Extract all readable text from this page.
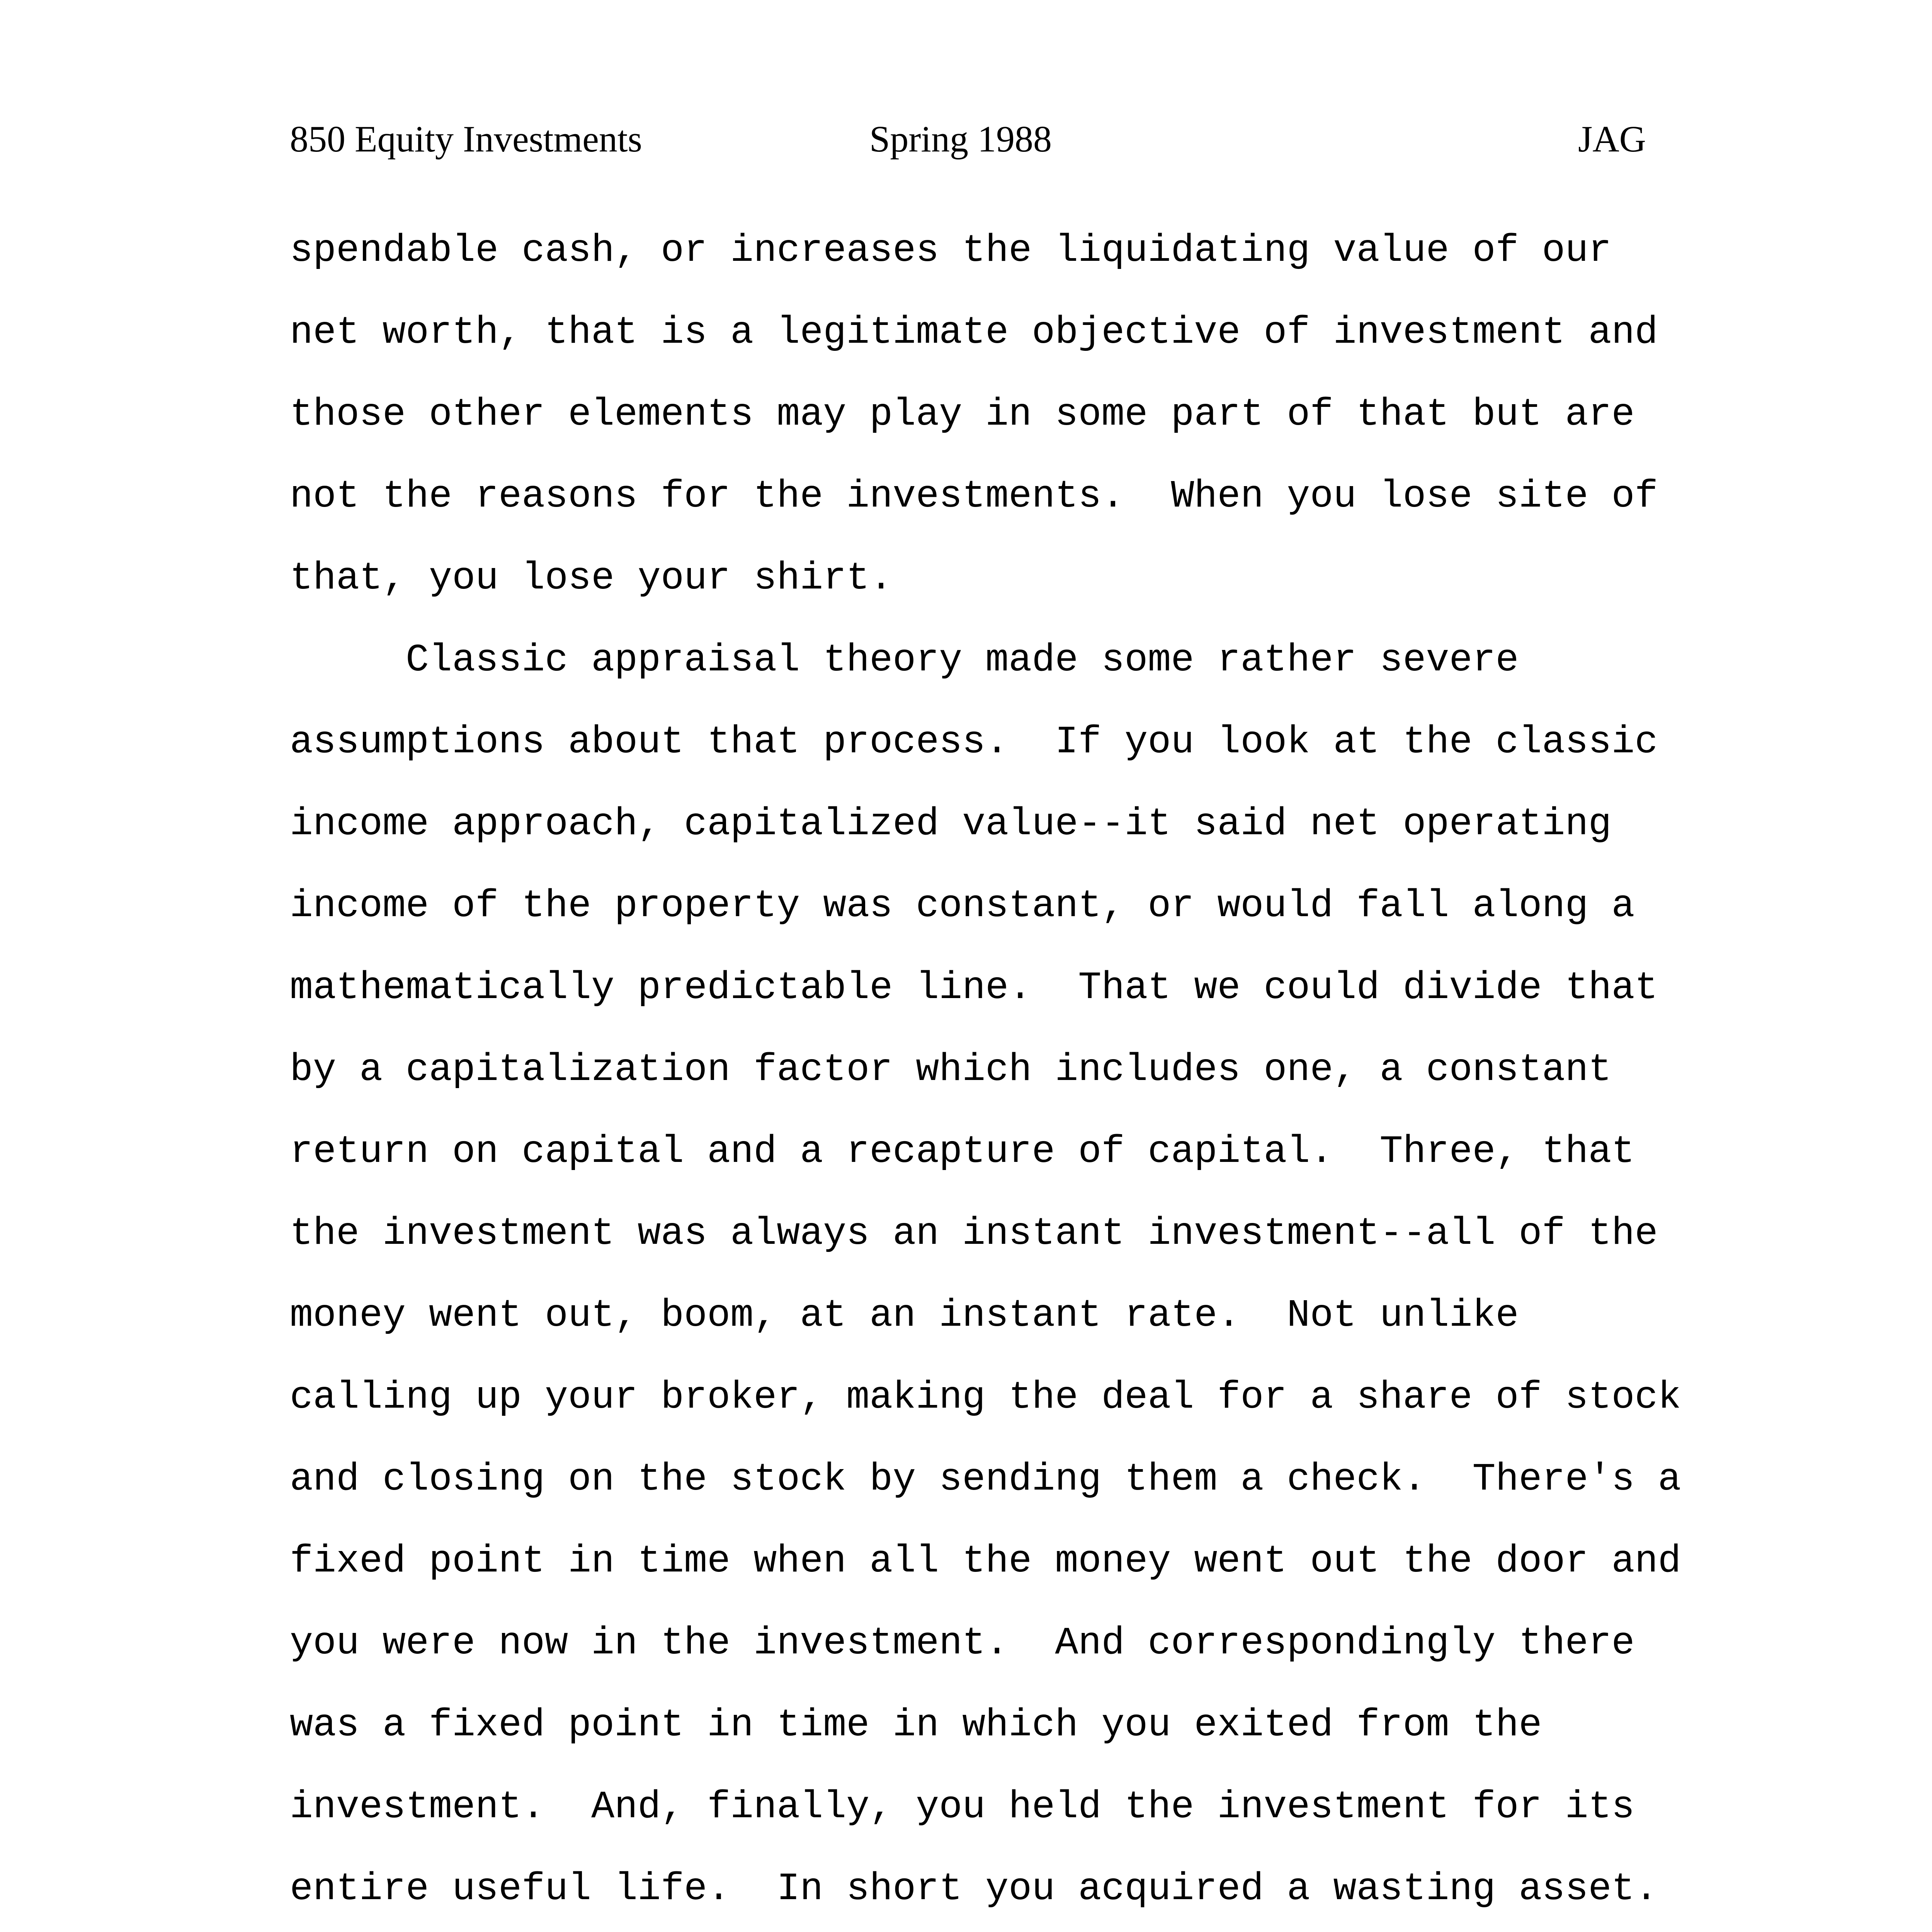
850 Equity Investments	Spring 1988	JAG
spendable cash, or increases the liquidating value of our
net worth, that is a legitimate objective of investment and
those other elements may play in some part of that but are
not the reasons for the investments.  When you lose site of
that, you lose your shirt.
Classic appraisal theory made some rather severe
assumptions about that process.  If you look at the classic
income approach, capitalized value--it said net operating
income of the property was constant, or would fall along a
mathematically predictable line.  That we could divide that
by a capitalization factor which includes one, a constant
return on capital and a recapture of capital.  Three, that
the investment was always an instant investment--all of the
money went out, boom, at an instant rate.  Not unlike
calling up your broker, making the deal for a share of stock
and closing on the stock by sending them a check.  There's a
fixed point in time when all the money went out the door and
you were now in the investment.  And correspondingly there
was a fixed point in time in which you exited from the
investment.  And, finally, you held the investment for its
entire useful life.  In short you acquired a wasting asset.
